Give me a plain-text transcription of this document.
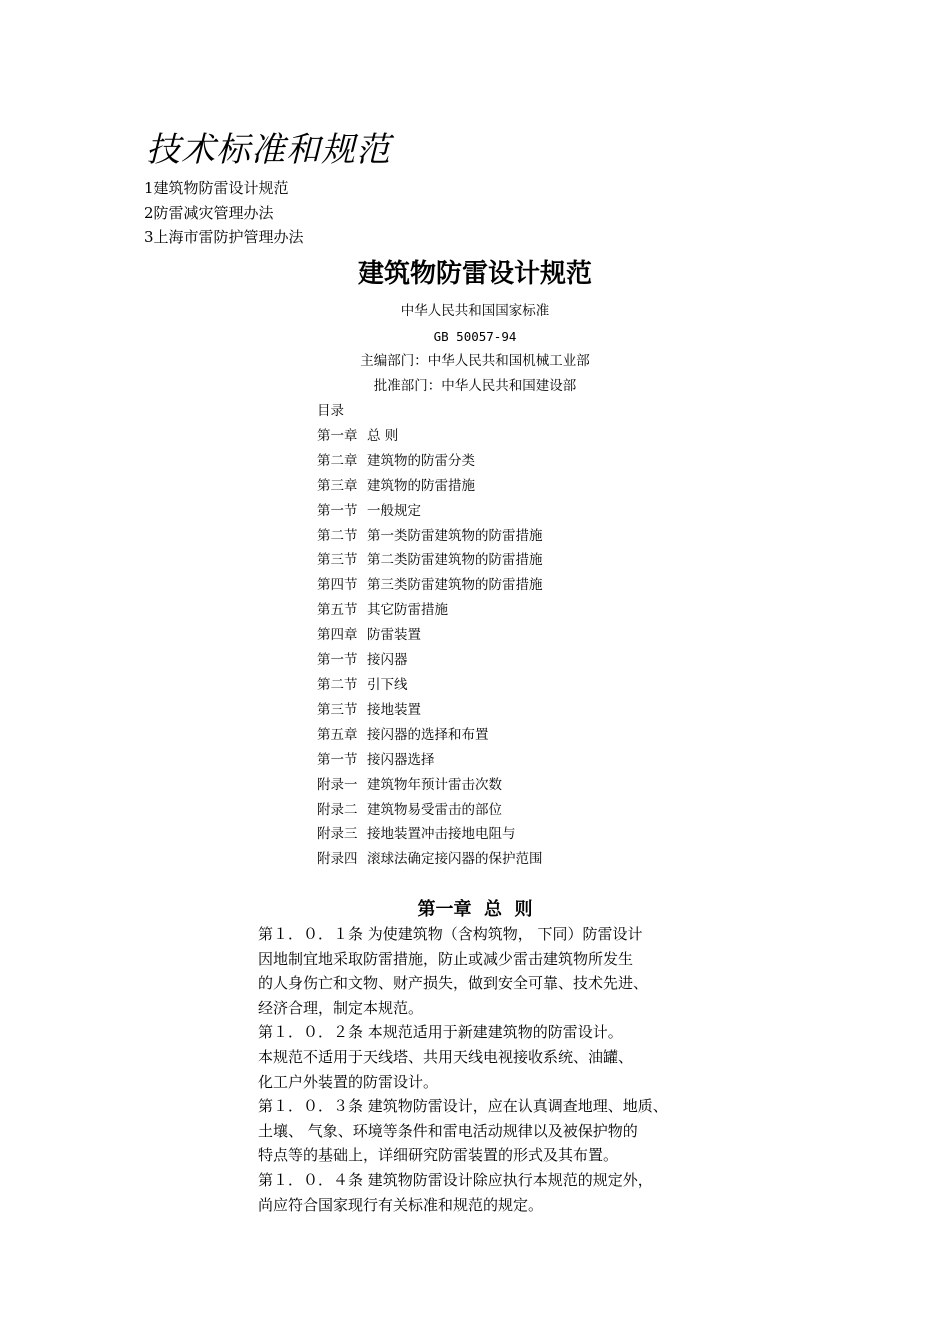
技术标准和规范
1建筑物防雷设计规范
2防雷减灾管理办法
3上海市雷防护管理办法
建筑物防雷设计规范
中华人民共和国国家标准
GB 50057-94
主编部门：中华人民共和国机械工业部
批准部门：中华人民共和国建设部
目录
第一章 总 则
第二章 建筑物的防雷分类
第三章 建筑物的防雷措施
第一节 一般规定
第二节 第一类防雷建筑物的防雷措施
第三节 第二类防雷建筑物的防雷措施
第四节 第三类防雷建筑物的防雷措施
第五节 其它防雷措施
第四章 防雷装置
第一节 接闪器
第二节 引下线
第三节 接地装置
第五章 接闪器的选择和布置
第一节 接闪器选择
附录一 建筑物年预计雷击次数
附录二 建筑物易受雷击的部位
附录三 接地装置冲击接地电阻与
附录四 滚球法确定接闪器的保护范围
第一章  总  则
第１．０．１条 为使建筑物（含构筑物， 下同）防雷设计
因地制宜地采取防雷措施，防止或减少雷击建筑物所发生
的人身伤亡和文物、财产损失，做到安全可靠、技术先进、
经济合理，制定本规范。
第１．０．２条 本规范适用于新建建筑物的防雷设计。
本规范不适用于天线塔、共用天线电视接收系统、油罐、
化工户外装置的防雷设计。
第１．０．３条 建筑物防雷设计，应在认真调查地理、地质、
土壤、 气象、环境等条件和雷电活动规律以及被保护物的
特点等的基础上，详细研究防雷装置的形式及其布置。
第１．０．４条 建筑物防雷设计除应执行本规范的规定外，
尚应符合国家现行有关标准和规范的规定。
